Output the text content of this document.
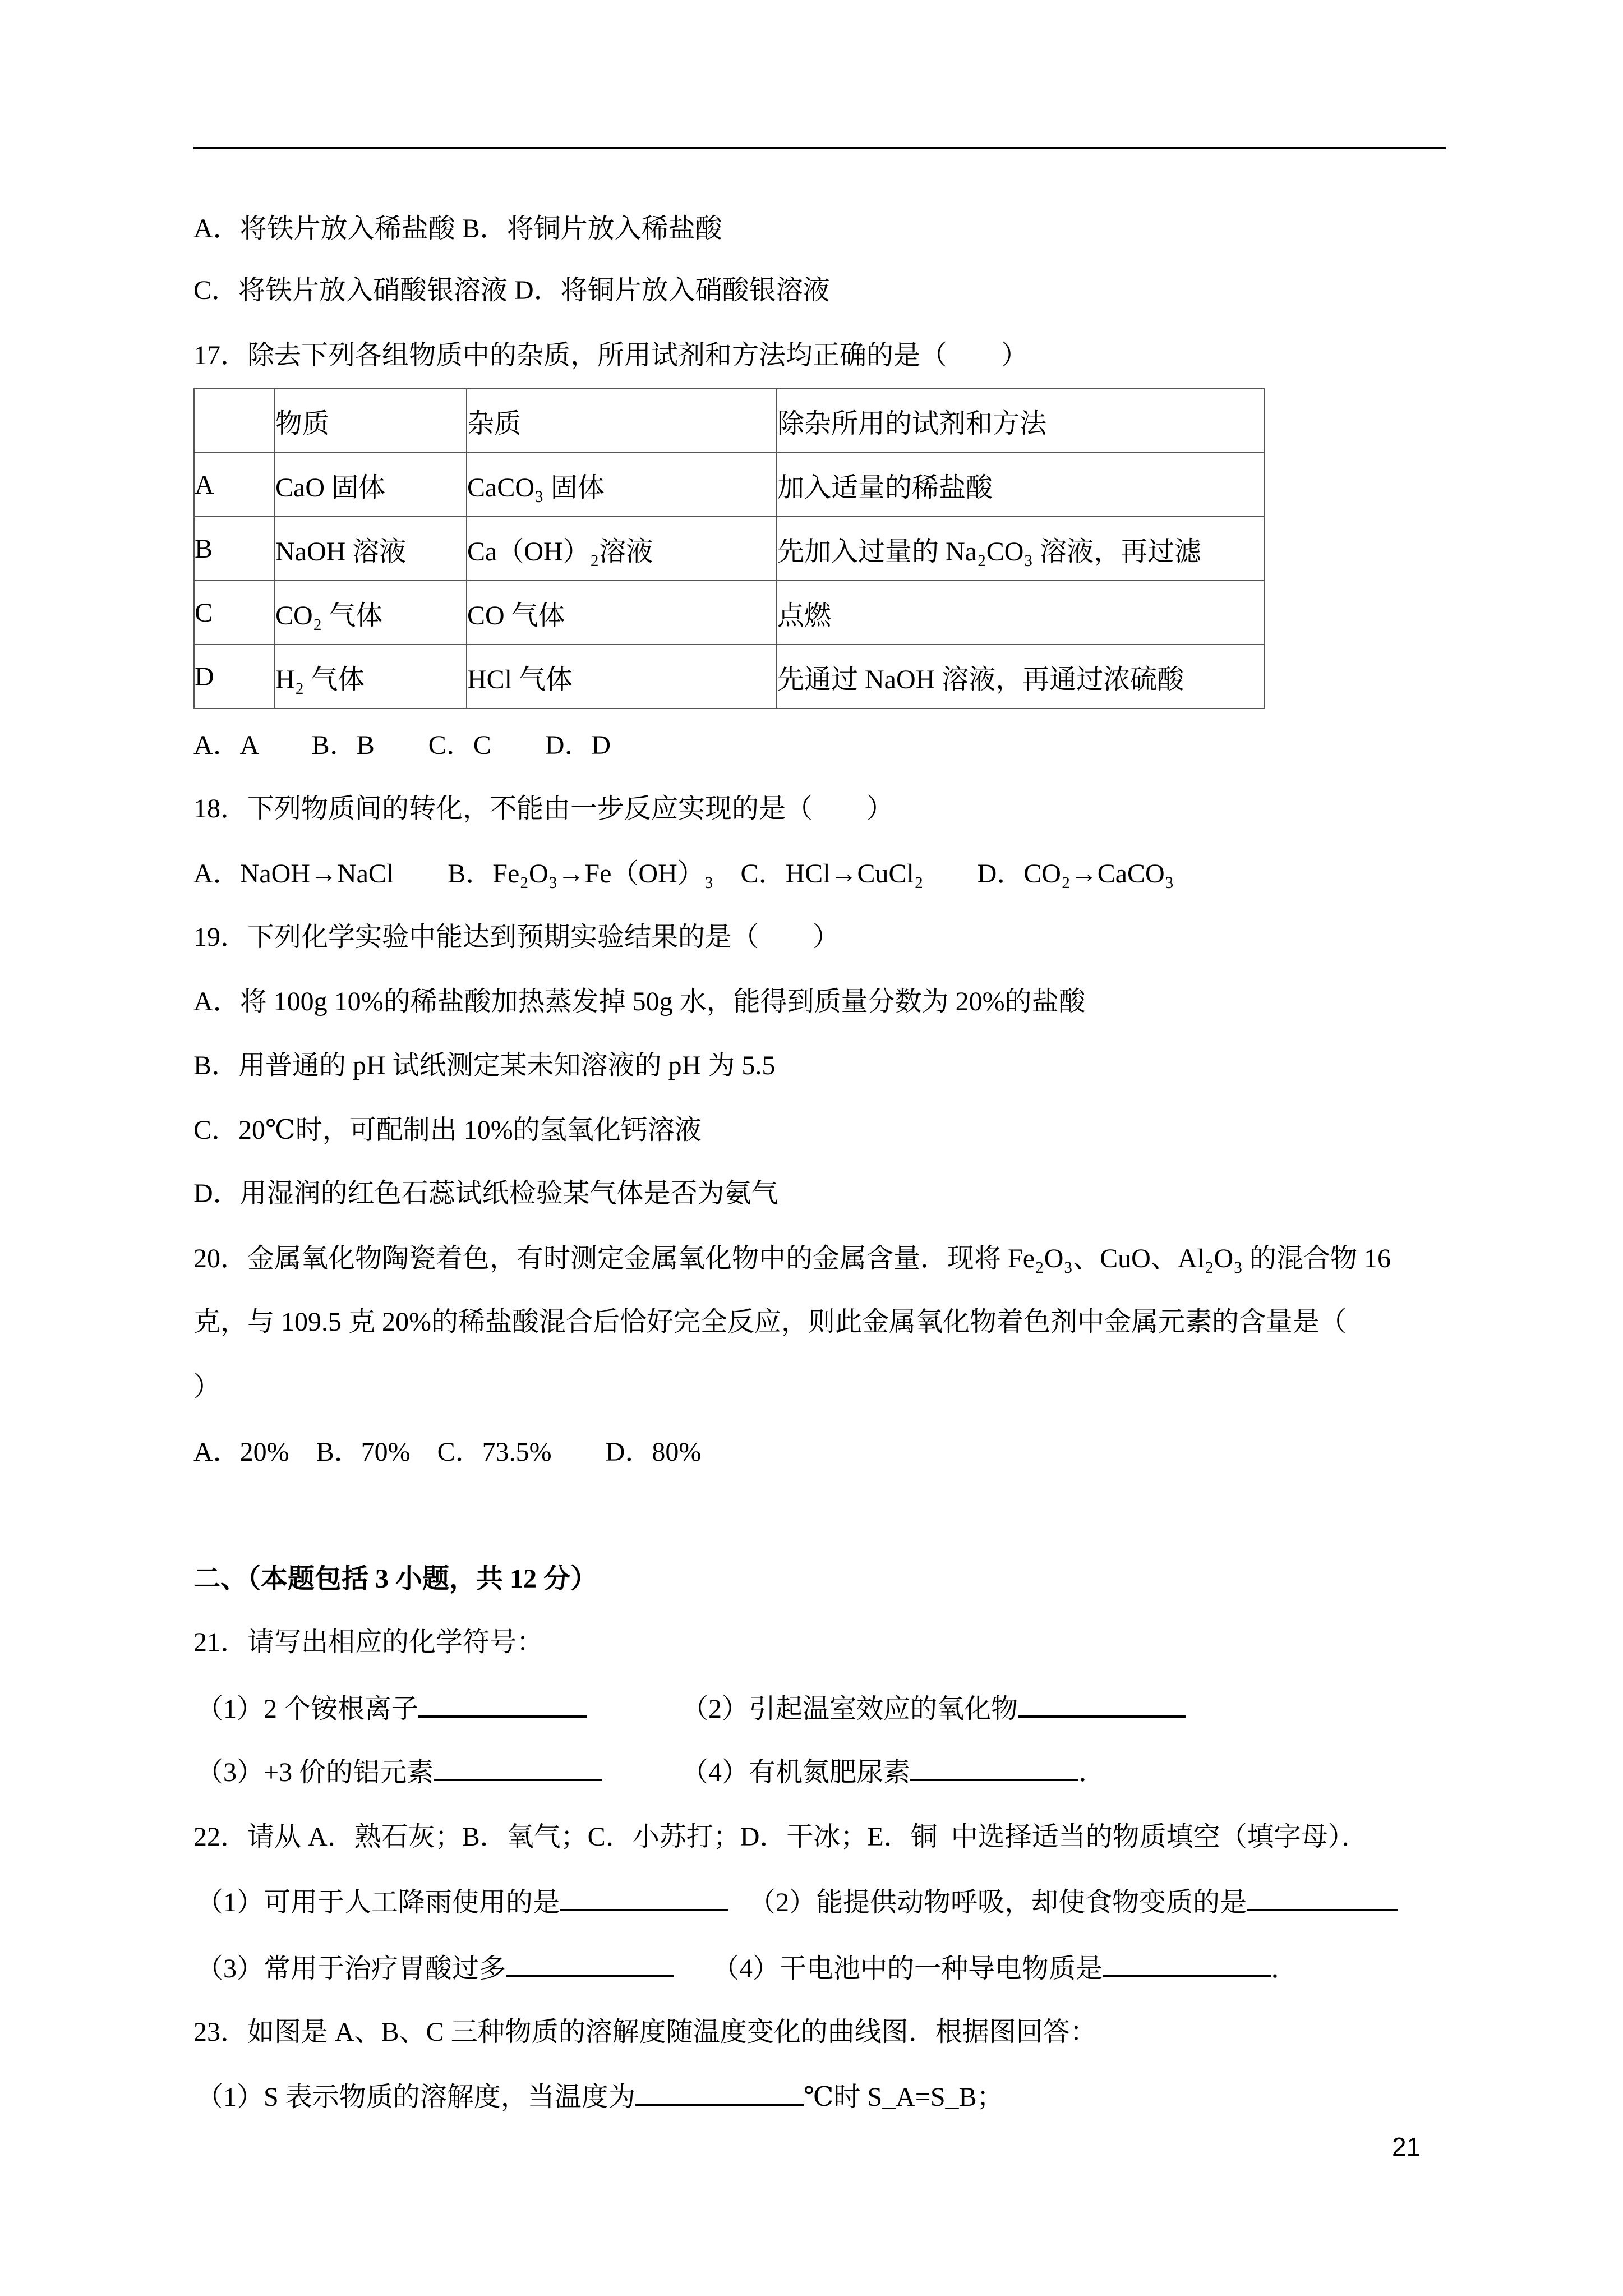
A．将铁片放入稀盐酸 B．将铜片放入稀盐酸
C．将铁片放入硝酸银溶液 D．将铜片放入硝酸银溶液
17．除去下列各组物质中的杂质，所用试剂和方法均正确的是（　　）
	物质	杂质	除杂所用的试剂和方法
A	CaO 固体	CaCO₃ 固体	加入适量的稀盐酸
B	NaOH 溶液	Ca（OH）₂溶液	先加入过量的 Na₂CO₃ 溶液，再过滤
C	CO₂ 气体	CO 气体	点燃
D	H₂ 气体	HCl 气体	先通过 NaOH 溶液，再通过浓硫酸
A．A　　B．B　　C．C　　D．D
18．下列物质间的转化，不能由一步反应实现的是（　　）
A．NaOH→NaCl　　B．Fe₂O₃→Fe（OH）₃　C．HCl→CuCl₂　　D．CO₂→CaCO₃
19．下列化学实验中能达到预期实验结果的是（　　）
A．将 100g 10%的稀盐酸加热蒸发掉 50g 水，能得到质量分数为 20%的盐酸
B．用普通的 pH 试纸测定某未知溶液的 pH 为 5.5
C．20℃时，可配制出 10%的氢氧化钙溶液
D．用湿润的红色石蕊试纸检验某气体是否为氨气
20．金属氧化物陶瓷着色，有时测定金属氧化物中的金属含量．现将 Fe₂O₃、CuO、Al₂O₃ 的混合物 16
克，与 109.5 克 20%的稀盐酸混合后恰好完全反应，则此金属氧化物着色剂中金属元素的含量是（
）
A．20%　B．70%　C．73.5%　　D．80%
二、（本题包括 3 小题，共 12 分）
21．请写出相应的化学符号：
（1）2 个铵根离子	（2）引起温室效应的氧化物
（3）+3 价的铝元素	（4）有机氮肥尿素	．
22．请从 A．熟石灰；B．氧气；C．小苏打；D．干冰；E．铜  中选择适当的物质填空（填字母）．
（1）可用于人工降雨使用的是	（2）能提供动物呼吸，却使食物变质的是
（3）常用于治疗胃酸过多	（4）干电池中的一种导电物质是	．
23．如图是 A、B、C 三种物质的溶解度随温度变化的曲线图．根据图回答：
（1）S 表示物质的溶解度，当温度为	℃时 S_A=S_B；
21
